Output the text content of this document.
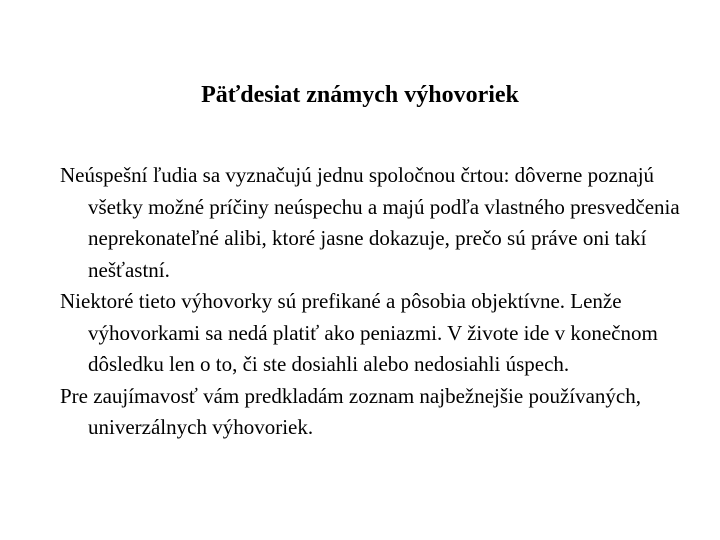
Päťdesiat známych výhovoriek

Neúspešní ľudia sa vyznačujú jednu spoločnou črtou: dôverne poznajú všetky možné príčiny neúspechu a majú podľa vlastného presvedčenia neprekonateľné alibi, ktoré jasne dokazuje, prečo sú práve oni takí nešťastní.

Niektoré tieto výhovorky sú prefikané a pôsobia objektívne. Lenže výhovorkami sa nedá platiť ako peniazmi. V živote ide v konečnom dôsledku len o to, či ste dosiahli alebo nedosiahli úspech.

Pre zaujímavosť vám predkladám zoznam najbežnejšie používaných, univerzálnych výhovoriek.
